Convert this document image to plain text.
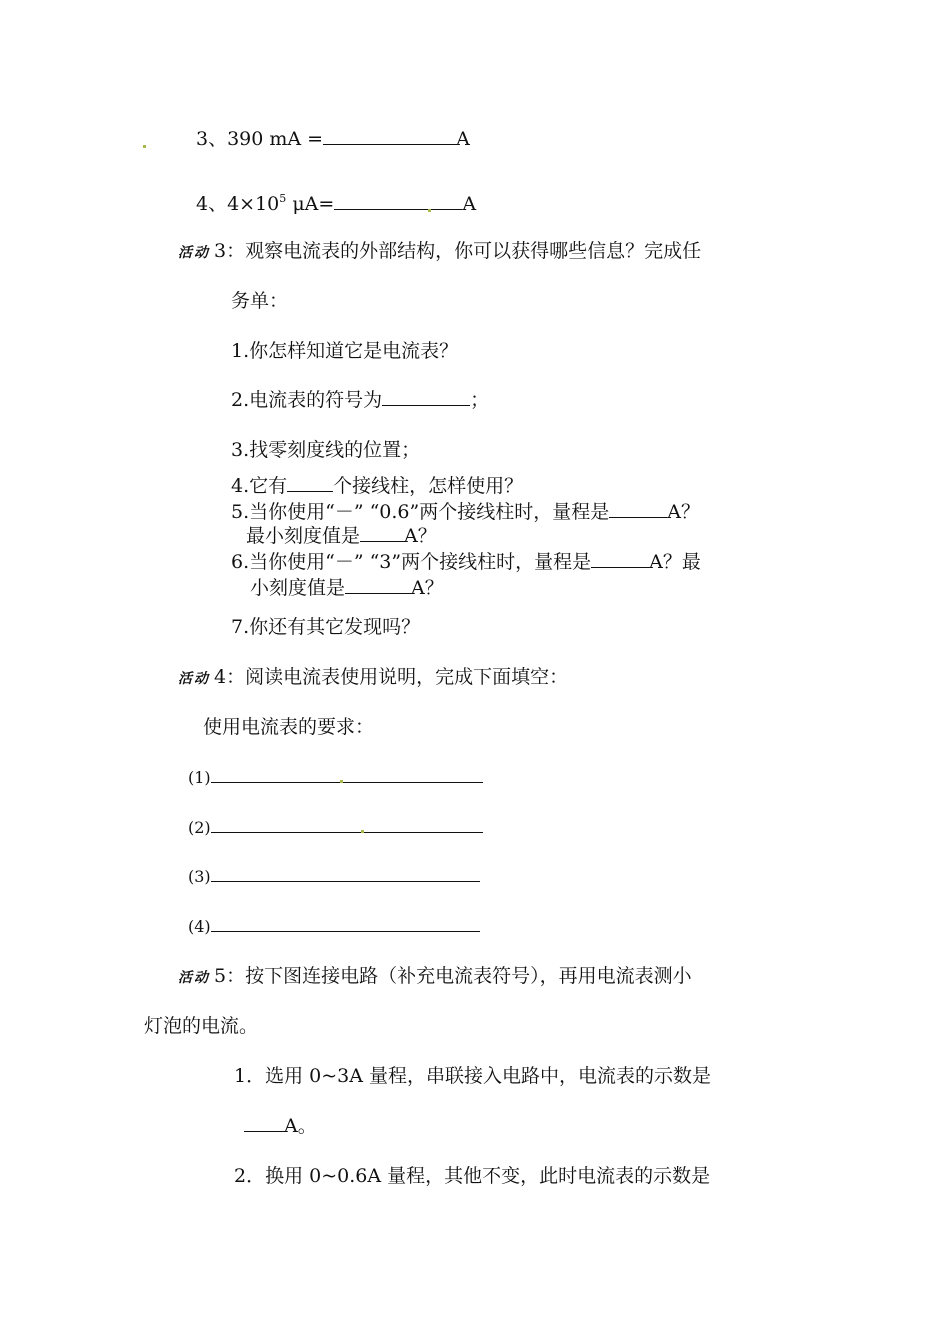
3、390 mA =	A
4、$4\times 10^5$ μA=	A
活动 3：观察电流表的外部结构，你可以获得哪些信息？完成任
务单：
1.你怎样知道它是电流表？
2.电流表的符号为	；
3.找零刻度线的位置；
4.它有 个接线柱，怎样使用？
5.当你使用“－” “0.6”两个接线柱时，量程是	A？
最小刻度值是 A？
6.当你使用“－” “3”两个接线柱时，量程是	A？最
小刻度值是	A？
7.你还有其它发现吗？
活动 4：阅读电流表使用说明，完成下面填空：
使用电流表的要求：
(1)
(2)
(3)
(4)
活动 5：按下图连接电路（补充电流表符号），再用电流表测小
灯泡的电流。
1．选用 0~3A 量程，串联接入电路中，电流表的示数是
A。
2．换用 0~0.6A 量程，其他不变，此时电流表的示数是
